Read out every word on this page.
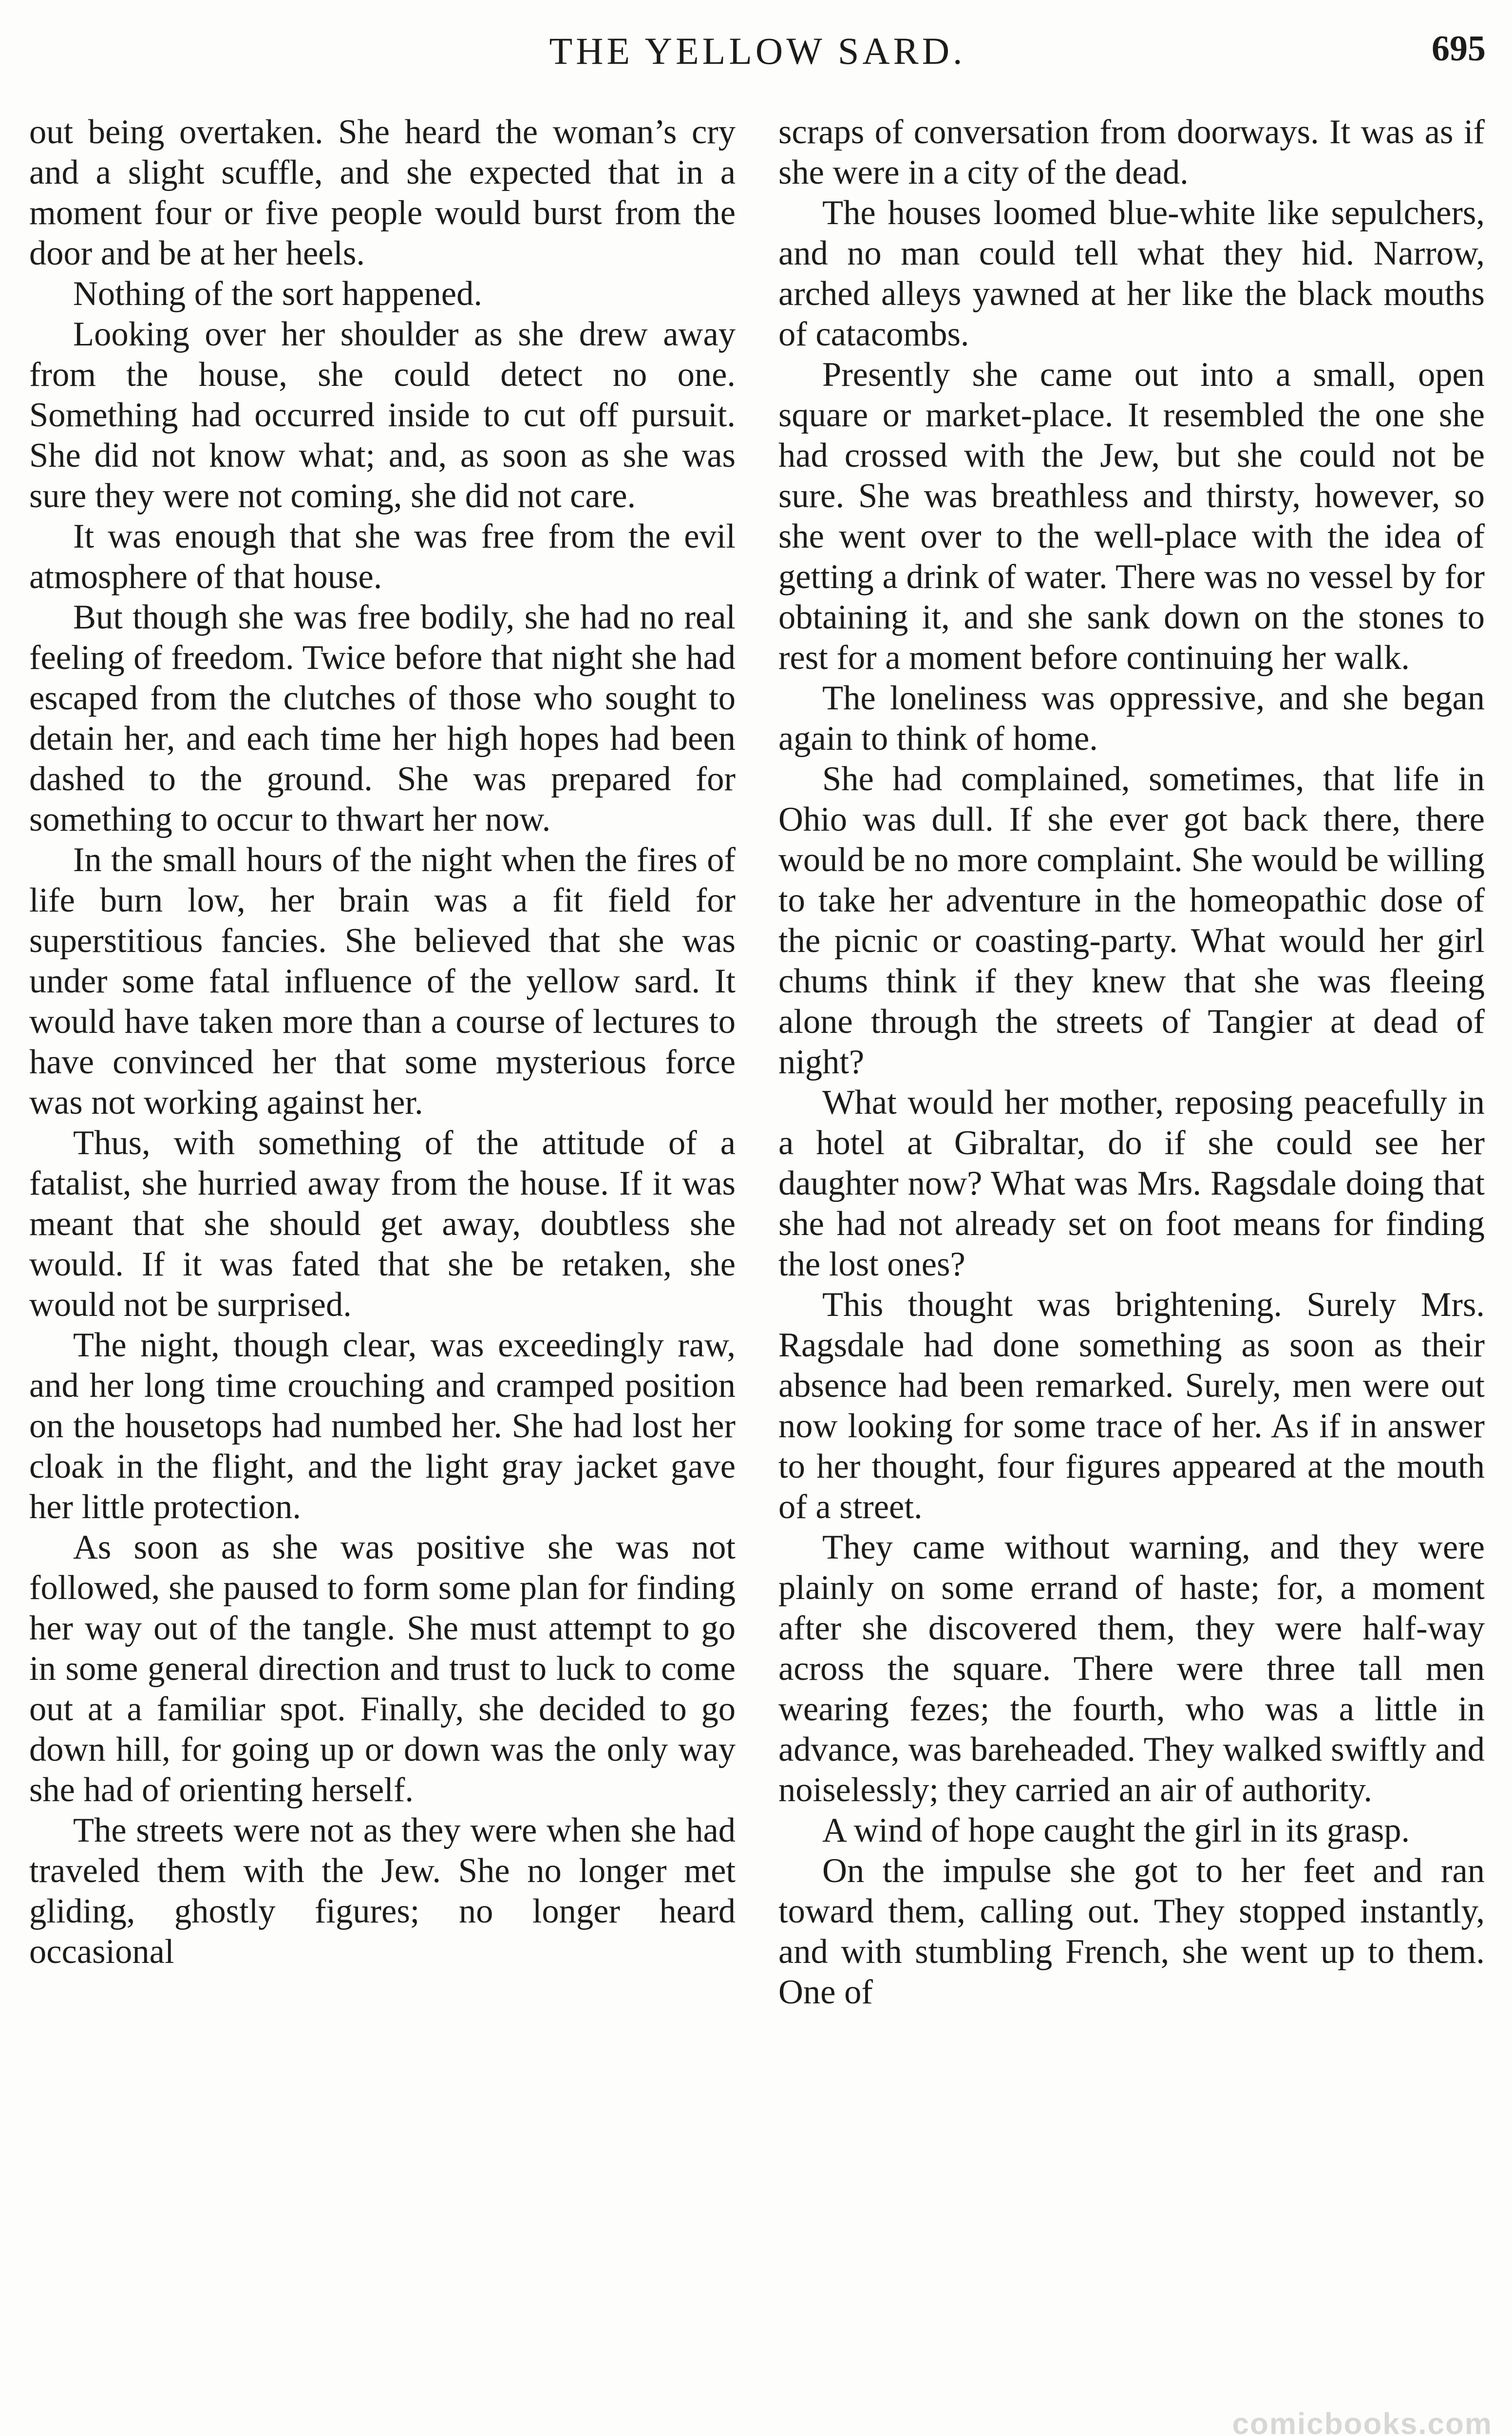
THE YELLOW SARD.	695

out being overtaken. She heard the woman’s cry and a slight scuffle, and she expected that in a moment four or five people would burst from the door and be at her heels.

Nothing of the sort happened.

Looking over her shoulder as she drew away from the house, she could detect no one. Something had occurred inside to cut off pursuit. She did not know what; and, as soon as she was sure they were not coming, she did not care.

It was enough that she was free from the evil atmosphere of that house.

But though she was free bodily, she had no real feeling of freedom. Twice before that night she had escaped from the clutches of those who sought to detain her, and each time her high hopes had been dashed to the ground. She was prepared for something to occur to thwart her now.

In the small hours of the night when the fires of life burn low, her brain was a fit field for superstitious fancies. She believed that she was under some fatal influence of the yellow sard. It would have taken more than a course of lectures to have convinced her that some mysterious force was not working against her.

Thus, with something of the attitude of a fatalist, she hurried away from the house. If it was meant that she should get away, doubtless she would. If it was fated that she be retaken, she would not be surprised.

The night, though clear, was exceedingly raw, and her long time crouching and cramped position on the housetops had numbed her. She had lost her cloak in the flight, and the light gray jacket gave her little protection.

As soon as she was positive she was not followed, she paused to form some plan for finding her way out of the tangle. She must attempt to go in some general direction and trust to luck to come out at a familiar spot. Finally, she decided to go down hill, for going up or down was the only way she had of orienting herself.

The streets were not as they were when she had traveled them with the Jew. She no longer met gliding, ghostly figures; no longer heard occasional

scraps of conversation from doorways. It was as if she were in a city of the dead.

The houses loomed blue-white like sepulchers, and no man could tell what they hid. Narrow, arched alleys yawned at her like the black mouths of catacombs.

Presently she came out into a small, open square or market-place. It resembled the one she had crossed with the Jew, but she could not be sure. She was breathless and thirsty, however, so she went over to the well-place with the idea of getting a drink of water. There was no vessel by for obtaining it, and she sank down on the stones to rest for a moment before continuing her walk.

The loneliness was oppressive, and she began again to think of home.

She had complained, sometimes, that life in Ohio was dull. If she ever got back there, there would be no more complaint. She would be willing to take her adventure in the homeopathic dose of the picnic or coasting-party. What would her girl chums think if they knew that she was fleeing alone through the streets of Tangier at dead of night?

What would her mother, reposing peacefully in a hotel at Gibraltar, do if she could see her daughter now? What was Mrs. Ragsdale doing that she had not already set on foot means for finding the lost ones?

This thought was brightening. Surely Mrs. Ragsdale had done something as soon as their absence had been remarked. Surely, men were out now looking for some trace of her. As if in answer to her thought, four figures appeared at the mouth of a street.

They came without warning, and they were plainly on some errand of haste; for, a moment after she discovered them, they were half-way across the square. There were three tall men wearing fezes; the fourth, who was a little in advance, was bareheaded. They walked swiftly and noiselessly; they carried an air of authority.

A wind of hope caught the girl in its grasp.

On the impulse she got to her feet and ran toward them, calling out. They stopped instantly, and with stumbling French, she went up to them. One of

comicbooks.com
